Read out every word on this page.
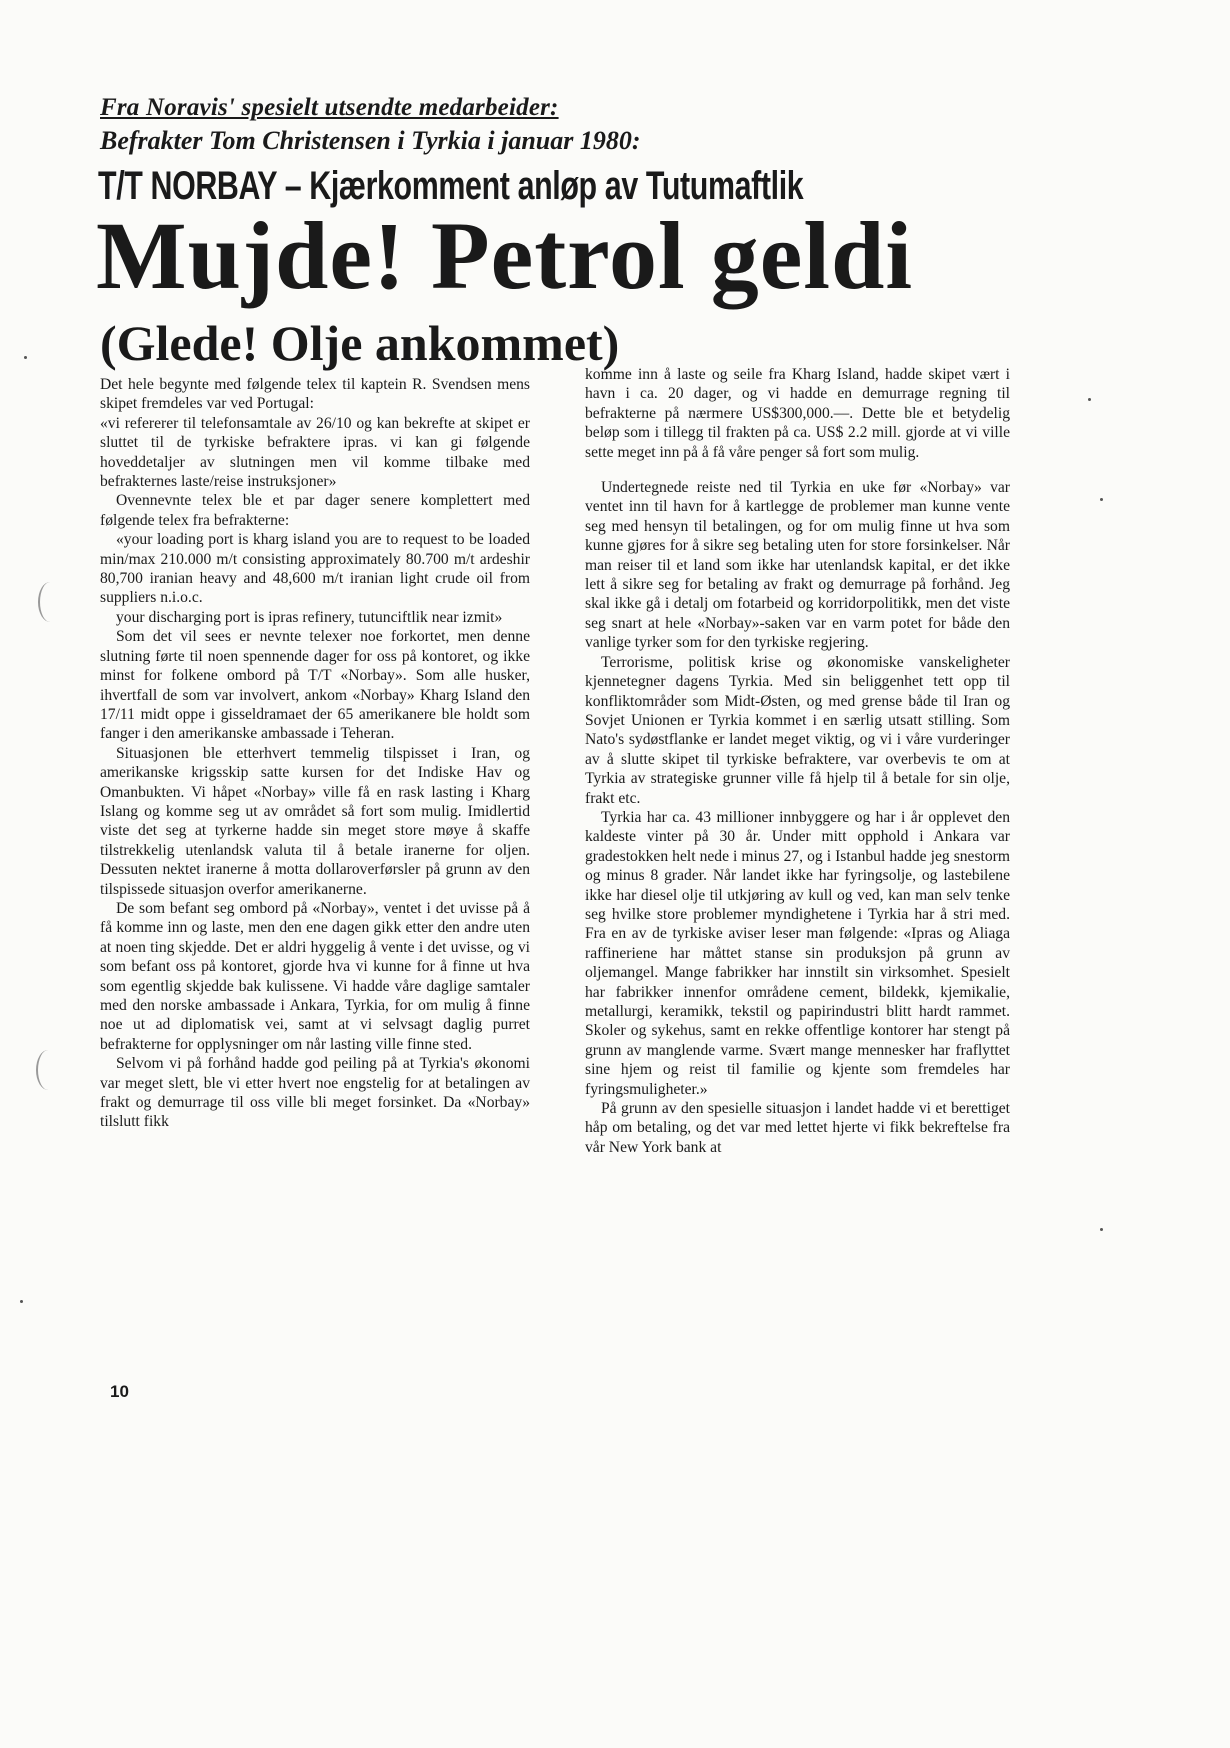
Fra Noravis' spesielt utsendte medarbeider:
Befrakter Tom Christensen i Tyrkia i januar 1980:
T/T NORBAY – Kjærkomment anløp av Tutumaftlik
Mujde! Petrol geldi
(Glede! Olje ankommet)

Det hele begynte med følgende telex til kaptein R. Svendsen mens skipet fremdeles var ved Portugal:

«vi refererer til telefonsamtale av 26/10 og kan bekrefte at skipet er sluttet til de tyrkiske befraktere ipras. vi kan gi følgende hoveddetaljer av slutningen men vil komme tilbake med befrakternes laste/reise instruksjoner»

Ovennevnte telex ble et par dager senere komplettert med følgende telex fra befrakterne:

«your loading port is kharg island you are to request to be loaded min/max 210.000 m/t consisting approximately 80.700 m/t ardeshir 80,700 iranian heavy and 48,600 m/t iranian light crude oil from suppliers n.i.o.c.

your discharging port is ipras refinery, tutunciftlik near izmit»

Som det vil sees er nevnte telexer noe forkortet, men denne slutning førte til noen spennende dager for oss på kontoret, og ikke minst for folkene ombord på T/T «Norbay». Som alle husker, ihvertfall de som var involvert, ankom «Norbay» Kharg Island den 17/11 midt oppe i gisseldramaet der 65 amerikanere ble holdt som fanger i den amerikanske ambassade i Teheran.

Situasjonen ble etterhvert temmelig tilspisset i Iran, og amerikanske krigsskip satte kursen for det Indiske Hav og Omanbukten. Vi håpet «Norbay» ville få en rask lasting i Kharg Islang og komme seg ut av området så fort som mulig. Imidlertid viste det seg at tyrkerne hadde sin meget store møye å skaffe tilstrekkelig utenlandsk valuta til å betale iranerne for oljen. Dessuten nektet iranerne å motta dollaroverførsler på grunn av den tilspissede situasjon overfor amerikanerne.

De som befant seg ombord på «Norbay», ventet i det uvisse på å få komme inn og laste, men den ene dagen gikk etter den andre uten at noen ting skjedde. Det er aldri hyggelig å vente i det uvisse, og vi som befant oss på kontoret, gjorde hva vi kunne for å finne ut hva som egentlig skjedde bak kulissene. Vi hadde våre daglige samtaler med den norske ambassade i Ankara, Tyrkia, for om mulig å finne noe ut ad diplomatisk vei, samt at vi selvsagt daglig purret befrakterne for opplysninger om når lasting ville finne sted.

Selvom vi på forhånd hadde god peiling på at Tyrkia's økonomi var meget slett, ble vi etter hvert noe engstelig for at betalingen av frakt og demurrage til oss ville bli meget forsinket. Da «Norbay» tilslutt fikk

komme inn å laste og seile fra Kharg Island, hadde skipet vært i havn i ca. 20 dager, og vi hadde en demurrage regning til befrakterne på nærmere US$300,000.—. Dette ble et betydelig beløp som i tillegg til frakten på ca. US$ 2.2 mill. gjorde at vi ville sette meget inn på å få våre penger så fort som mulig.

Undertegnede reiste ned til Tyrkia en uke før «Norbay» var ventet inn til havn for å kartlegge de problemer man kunne vente seg med hensyn til betalingen, og for om mulig finne ut hva som kunne gjøres for å sikre seg betaling uten for store forsinkelser. Når man reiser til et land som ikke har utenlandsk kapital, er det ikke lett å sikre seg for betaling av frakt og demurrage på forhånd. Jeg skal ikke gå i detalj om fotarbeid og korridorpolitikk, men det viste seg snart at hele «Norbay»-saken var en varm potet for både den vanlige tyrker som for den tyrkiske regjering.

Terrorisme, politisk krise og økonomiske vanskeligheter kjennetegner dagens Tyrkia. Med sin beliggenhet tett opp til konfliktområder som Midt-Østen, og med grense både til Iran og Sovjet Unionen er Tyrkia kommet i en særlig utsatt stilling. Som Nato's sydøstflanke er landet meget viktig, og vi i våre vurderinger av å slutte skipet til tyrkiske befraktere, var overbevis te om at Tyrkia av strategiske grunner ville få hjelp til å betale for sin olje, frakt etc.

Tyrkia har ca. 43 millioner innbyggere og har i år opplevet den kaldeste vinter på 30 år. Under mitt opphold i Ankara var gradestokken helt nede i minus 27, og i Istanbul hadde jeg snestorm og minus 8 grader. Når landet ikke har fyringsolje, og lastebilene ikke har diesel olje til utkjøring av kull og ved, kan man selv tenke seg hvilke store problemer myndighetene i Tyrkia har å stri med. Fra en av de tyrkiske aviser leser man følgende: «Ipras og Aliaga raffineriene har måttet stanse sin produksjon på grunn av oljemangel. Mange fabrikker har innstilt sin virksomhet. Spesielt har fabrikker innenfor områdene cement, bildekk, kjemikalie, metallurgi, keramikk, tekstil og papirindustri blitt hardt rammet. Skoler og sykehus, samt en rekke offentlige kontorer har stengt på grunn av manglende varme. Svært mange mennesker har fraflyttet sine hjem og reist til familie og kjente som fremdeles har fyringsmuligheter.»

På grunn av den spesielle situasjon i landet hadde vi et berettiget håp om betaling, og det var med lettet hjerte vi fikk bekreftelse fra vår New York bank at

10
